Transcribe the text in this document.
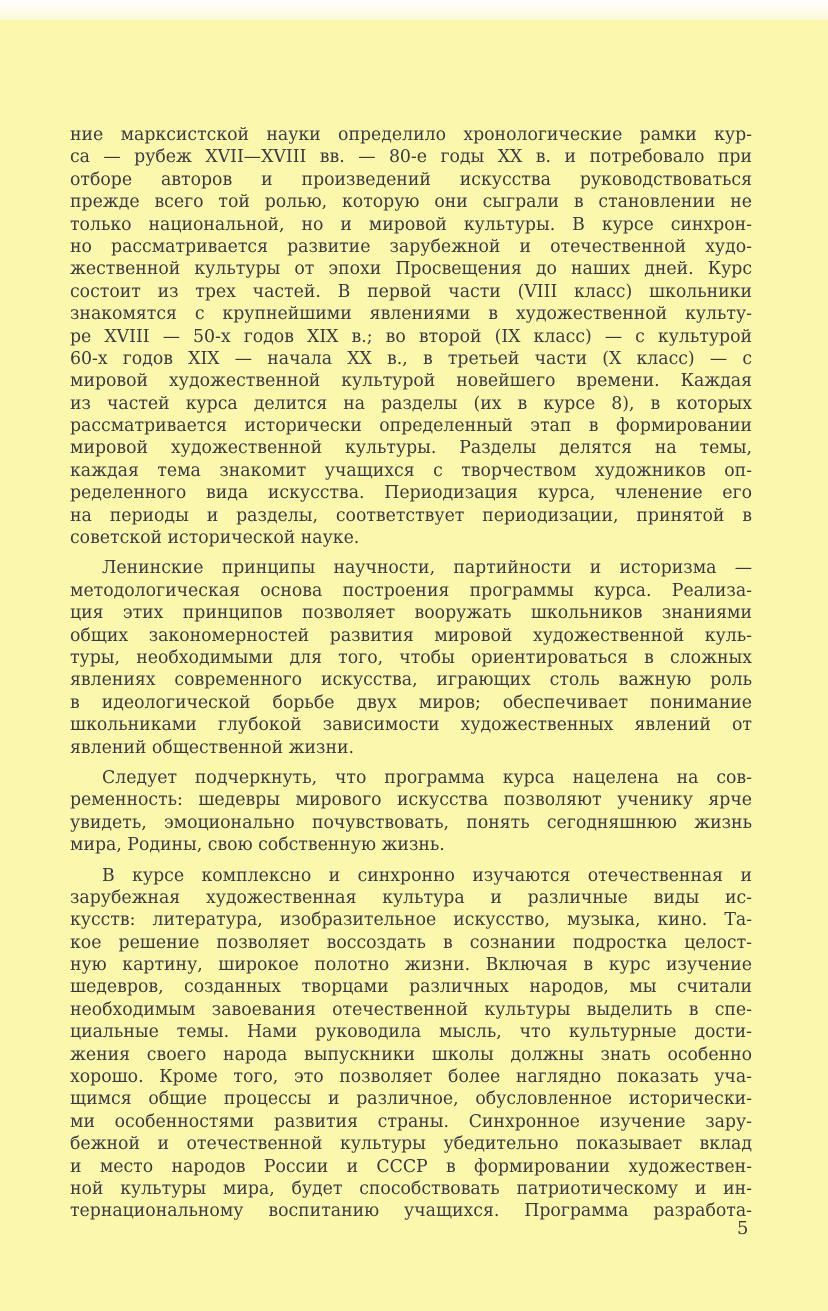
ние марксистской науки определило хронологические рамки кур-
са — рубеж XVII—XVIII вв. — 80-е годы XX в. и потребовало при
отборе авторов и произведений искусства руководствоваться
прежде всего той ролью, которую они сыграли в становлении не
только национальной, но и мировой культуры. В курсе синхрон-
но рассматривается развитие зарубежной и отечественной худо-
жественной культуры от эпохи Просвещения до наших дней. Курс
состоит из трех частей. В первой части (VIII класс) школьники
знакомятся с крупнейшими явлениями в художественной культу-
ре XVIII — 50-х годов XIX в.; во второй (IX класс) — с культурой
60-х годов XIX — начала XX в., в третьей части (X класс) — с
мировой художественной культурой новейшего времени. Каждая
из частей курса делится на разделы (их в курсе 8), в которых
рассматривается исторически определенный этап в формировании
мировой художественной культуры. Разделы делятся на темы,
каждая тема знакомит учащихся с творчеством художников оп-
ределенного вида искусства. Периодизация курса, членение его
на периоды и разделы, соответствует периодизации, принятой в
советской исторической науке.
Ленинские принципы научности, партийности и историзма —
методологическая основа построения программы курса. Реализа-
ция этих принципов позволяет вооружать школьников знаниями
общих закономерностей развития мировой художественной куль-
туры, необходимыми для того, чтобы ориентироваться в сложных
явлениях современного искусства, играющих столь важную роль
в идеологической борьбе двух миров; обеспечивает понимание
школьниками глубокой зависимости художественных явлений от
явлений общественной жизни.
Следует подчеркнуть, что программа курса нацелена на сов-
ременность: шедевры мирового искусства позволяют ученику ярче
увидеть, эмоционально почувствовать, понять сегодняшнюю жизнь
мира, Родины, свою собственную жизнь.
В курсе комплексно и синхронно изучаются отечественная и
зарубежная художественная культура и различные виды ис-
кусств: литература, изобразительное искусство, музыка, кино. Та-
кое решение позволяет воссоздать в сознании подростка целост-
ную картину, широкое полотно жизни. Включая в курс изучение
шедевров, созданных творцами различных народов, мы считали
необходимым завоевания отечественной культуры выделить в спе-
циальные темы. Нами руководила мысль, что культурные дости-
жения своего народа выпускники школы должны знать особенно
хорошо. Кроме того, это позволяет более наглядно показать уча-
щимся общие процессы и различное, обусловленное исторически-
ми особенностями развития страны. Синхронное изучение зару-
бежной и отечественной культуры убедительно показывает вклад
и место народов России и СССР в формировании художествен-
ной культуры мира, будет способствовать патриотическому и ин-
тернациональному воспитанию учащихся. Программа разработа-
5
